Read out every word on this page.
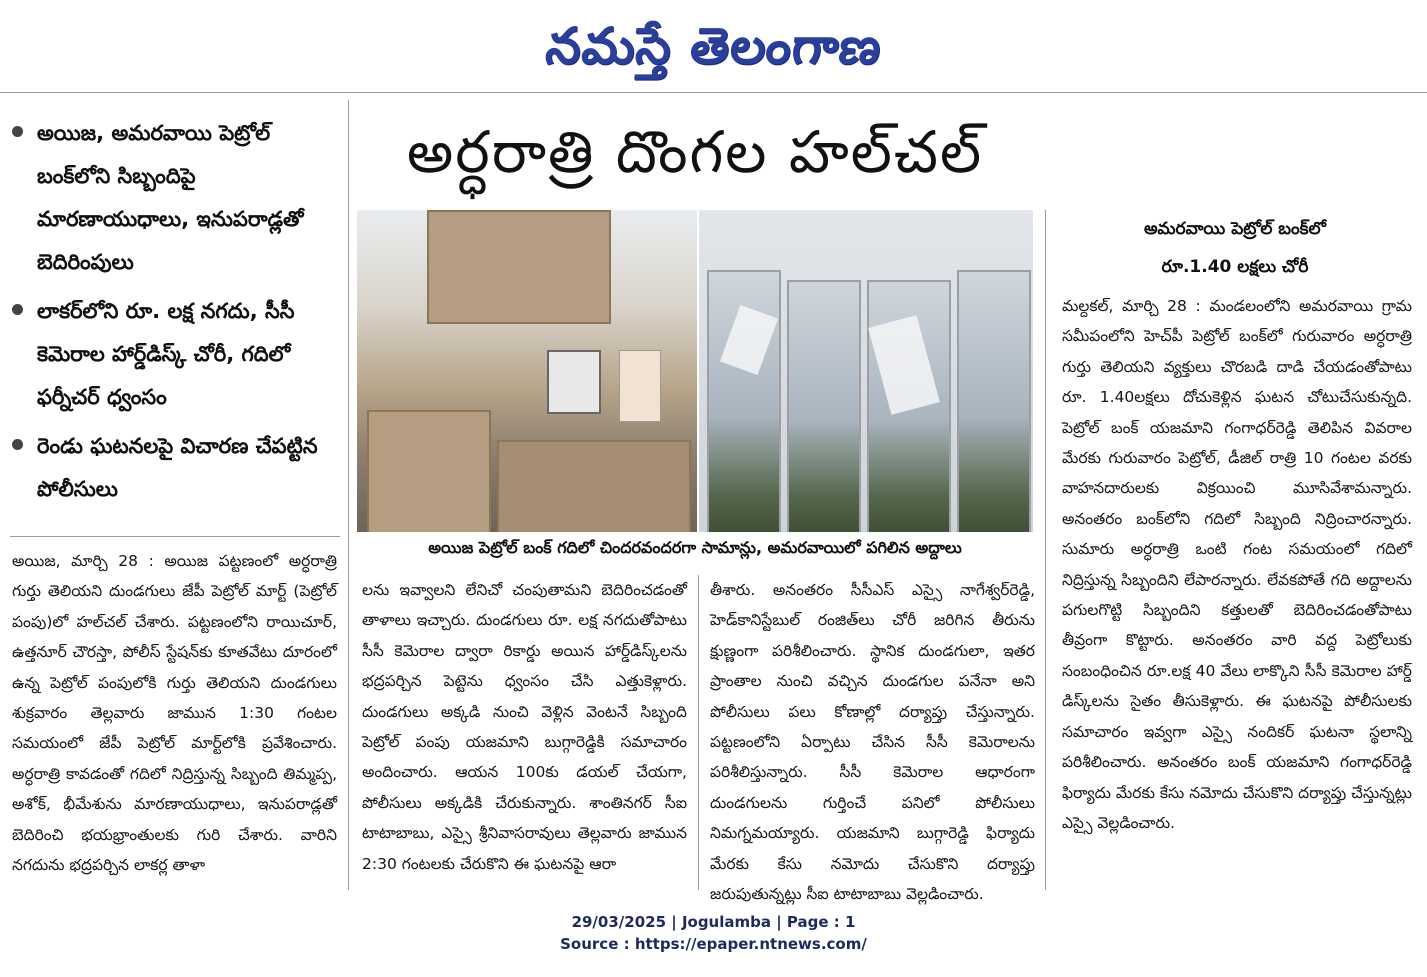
నమస్తే తెలంగాణ
అయిజ, అమరవాయి పెట్రోల్ బంక్‌లోని సిబ్బందిపై మారణాయుధాలు, ఇనుపరాడ్లతో బెదిరింపులు
లాకర్‌లోని రూ. లక్ష నగదు, సీసీ కెమెరాల హార్డ్‌డిస్క్ చోరీ, గదిలో ఫర్నీచర్ ధ్వంసం
రెండు ఘటనలపై విచారణ చేపట్టిన పోలీసులు
అర్ధరాత్రి దొంగల హల్‌చల్
అయిజ పెట్రోల్ బంక్ గదిలో చిందరవందరగా సామాన్లు, అమరవాయిలో పగిలిన అద్దాలు
అమరవాయి పెట్రోల్ బంక్‌లో
రూ.1.40 లక్షలు చోరీ

మల్దకల్, మార్చి 28 : మండలంలోని అమరవాయి గ్రామ సమీపంలోని హెచ్‌పీ పెట్రోల్ బంక్‌లో గురువారం అర్ధరాత్రి గుర్తు తెలియని వ్యక్తులు చొరబడి దాడి చేయడంతోపాటు రూ. 1.40లక్షలు దోచుకెళ్లిన ఘటన చోటుచేసుకున్నది. పెట్రోల్ బంక్ యజమాని గంగాధర్‌రెడ్డి తెలిపిన వివరాల మేరకు గురువారం పెట్రోల్, డీజిల్ రాత్రి 10 గంటల వరకు వాహనదారులకు విక్రయించి మూసివేశామన్నారు. అనంతరం బంక్‌లోని గదిలో సిబ్బంది నిద్రించారన్నారు. సుమారు అర్ధరాత్రి ఒంటి గంట సమయంలో గదిలో నిద్రిస్తున్న సిబ్బందిని లేపారన్నారు. లేవకపోతే గది అద్దాలను పగులగొట్టి సిబ్బందిని కత్తులతో బెదిరించడంతోపాటు తీవ్రంగా కొట్టారు. అనంతరం వారి వద్ద పెట్రోలుకు సంబంధించిన రూ.లక్ష 40 వేలు లాక్కొని సీసీ కెమెరాల హార్డ్ డిస్క్‌లను సైతం తీసుకెళ్లారు. ఈ ఘటనపై పోలీసులకు సమాచారం ఇవ్వగా ఎస్సై నందికర్ ఘటనా స్థలాన్ని పరిశీలించారు. అనంతరం బంక్ యజమాని గంగాధర్‌రెడ్డి ఫిర్యాదు మేరకు కేసు నమోదు చేసుకొని దర్యాప్తు చేస్తున్నట్లు ఎస్సై వెల్లడించారు.

అయిజ, మార్చి 28 : అయిజ పట్టణంలో అర్ధరాత్రి గుర్తు తెలియని దుండగులు జేపీ పెట్రోల్ మార్ట్ (పెట్రోల్ పంపు)లో హల్‌చల్ చేశారు. పట్టణంలోని రాయిచూర్, ఉత్తనూర్ చౌరస్తా, పోలీస్ స్టేషన్‌కు కూతవేటు దూరంలో ఉన్న పెట్రోల్ పంపులోకి గుర్తు తెలియని దుండగులు శుక్రవారం తెల్లవారు జామున 1:30 గంటల సమయంలో జేపీ పెట్రోల్ మార్ట్‌లోకి ప్రవేశించారు. అర్ధరాత్రి కావడంతో గదిలో నిద్రిస్తున్న సిబ్బంది తిమ్మప్ప, అశోక్, భీమేశును మారణాయుధాలు, ఇనుపరాడ్లతో బెదిరించి భయభ్రాంతులకు గురి చేశారు. వారిని నగదును భద్రపర్చిన లాకర్ల తాళా

లను ఇవ్వాలని లేనిచో చంపుతామని బెదిరించడంతో తాళాలు ఇచ్చారు. దుండగులు రూ. లక్ష నగదుతోపాటు సీసీ కెమెరాల ద్వారా రికార్డు అయిన హార్డ్‌డిస్క్‌లను భద్రపర్చిన పెట్టెను ధ్వంసం చేసి ఎత్తుకెళ్లారు. దుండగులు అక్కడి నుంచి వెళ్లిన వెంటనే సిబ్బంది పెట్రోల్ పంపు యజమాని బుగ్గారెడ్డికి సమాచారం అందించారు. ఆయన 100కు డయల్ చేయగా, పోలీసులు అక్కడికి చేరుకున్నారు. శాంతినగర్ సీఐ టాటాబాబు, ఎస్సై శ్రీనివాసరావులు తెల్లవారు జామున 2:30 గంటలకు చేరుకొని ఈ ఘటనపై ఆరా

తీశారు. అనంతరం సీసీఎస్ ఎస్సై నాగేశ్వర్‌రెడ్డి, హెడ్‌కానిస్టేబుల్ రంజిత్‌లు చోరీ జరిగిన తీరును క్షుణ్ణంగా పరిశీలించారు. స్థానిక దుండగులా, ఇతర ప్రాంతాల నుంచి వచ్చిన దుండగుల పనేనా అని పోలీసులు పలు కోణాల్లో దర్యాప్తు చేస్తున్నారు. పట్టణంలోని ఏర్పాటు చేసిన సీసీ కెమెరాలను పరిశీలిస్తున్నారు. సీసీ కెమెరాల ఆధారంగా దుండగులను గుర్తించే పనిలో పోలీసులు నిమగ్నమయ్యారు. యజమాని బుగ్గారెడ్డి ఫిర్యాదు మేరకు కేసు నమోదు చేసుకొని దర్యాప్తు జరుపుతున్నట్లు సీఐ టాటాబాబు వెల్లడించారు.

29/03/2025 | Jogulamba | Page : 1
Source : https://epaper.ntnews.com/
